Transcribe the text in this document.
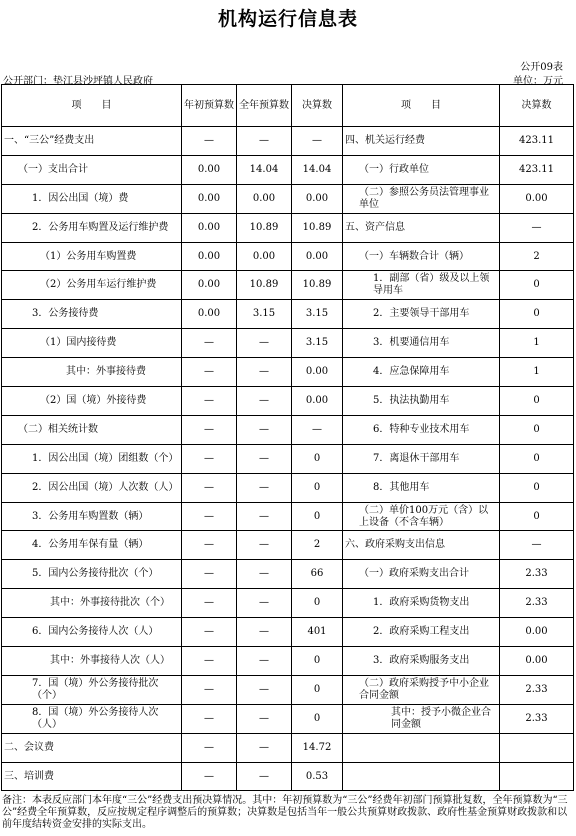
机构运行信息表
公开09表
公开部门：垫江县沙坪镇人民政府	单位：万元
项　　目	年初预算数	全年预算数	决算数	项　　目	决算数
一、“三公”经费支出	—	—	—	四、机关运行经费	423.11
（一）支出合计	0.00	14.04	14.04	（一）行政单位	423.11
1．因公出国（境）费	0.00	0.00	0.00	（二）参照公务员法管理事业单位	0.00
2．公务用车购置及运行维护费	0.00	10.89	10.89	五、资产信息	—
（1）公务用车购置费	0.00	0.00	0.00	（一）车辆数合计（辆）	2
（2）公务用车运行维护费	0.00	10.89	10.89	1．副部（省）级及以上领导用车	0
3．公务接待费	0.00	3.15	3.15	2．主要领导干部用车	0
（1）国内接待费	—	—	3.15	3．机要通信用车	1
其中：外事接待费	—	—	0.00	4．应急保障用车	1
（2）国（境）外接待费	—	—	0.00	5．执法执勤用车	0
（二）相关统计数	—	—	—	6．特种专业技术用车	0
1．因公出国（境）团组数（个）	—	—	0	7．离退休干部用车	0
2．因公出国（境）人次数（人）	—	—	0	8．其他用车	0
3．公务用车购置数（辆）	—	—	0	（二）单价100万元（含）以上设备（不含车辆）	0
4．公务用车保有量（辆）	—	—	2	六、政府采购支出信息	—
5．国内公务接待批次（个）	—	—	66	（一）政府采购支出合计	2.33
其中：外事接待批次（个）	—	—	0	1．政府采购货物支出	2.33
6．国内公务接待人次（人）	—	—	401	2．政府采购工程支出	0.00
其中：外事接待人次（人）	—	—	0	3．政府采购服务支出	0.00
7．国（境）外公务接待批次（个）	—	—	0	（二）政府采购授予中小企业合同金额	2.33
8．国（境）外公务接待人次（人）	—	—	0	其中：授予小微企业合同金额	2.33
二、会议费	—	—	14.72		
三、培训费	—	—	0.53		
备注：本表反应部门本年度“三公”经费支出预决算情况。其中：年初预算数为“三公”经费年初部门预算批复数，全年预算数为“三公”经费全年预算数，反应按规定程序调整后的预算数；决算数是包括当年一般公共预算财政拨款、政府性基金预算财政拨款和以前年度结转资金安排的实际支出。
